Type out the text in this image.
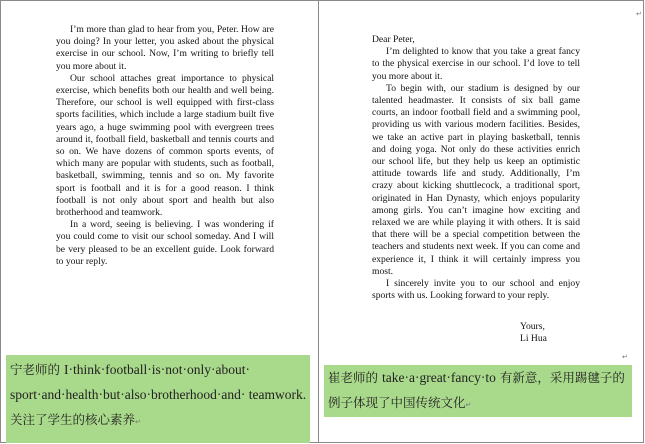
I’m more than glad to hear from you, Peter. How are you doing? In your letter, you asked about the physical exercise in our school. Now, I’m writing to briefly tell you more about it.

Our school attaches great importance to physical exercise, which benefits both our health and well being. Therefore, our school is well equipped with first-class sports facilities, which include a large stadium built five years ago, a huge swimming pool with evergreen trees around it, football field, basketball and tennis courts and so on. We have dozens of common sports events, of which many are popular with students, such as football, basketball, swimming, tennis and so on. My favorite sport is football and it is for a good reason. I think football is not only about sport and health but also brotherhood and teamwork.

In a word, seeing is believing. I was wondering if you could come to visit our school someday. And I will be very pleased to be an excellent guide. Look forward to your reply.

Dear Peter,

I’m delighted to know that you take a great fancy to the physical exercise in our school. I’d love to tell you more about it.

To begin with, our stadium is designed by our talented headmaster. It consists of six ball game courts, an indoor football field and a swimming pool, providing us with various modern facilities. Besides, we take an active part in playing basketball, tennis and doing yoga. Not only do these activities enrich our school life, but they help us keep an optimistic attitude towards life and study. Additionally, I’m crazy about kicking shuttlecock, a traditional sport, originated in Han Dynasty, which enjoys popularity among girls. You can’t imagine how exciting and relaxed we are while playing it with others. It is said that there will be a special competition between the teachers and students next week. If you can come and experience it, I think it will certainly impress you most.

I sincerely invite you to our school and enjoy sports with us. Looking forward to your reply.

Yours,
Li Hua
↵
↵
宁老师的 I·think·football·is·not·only·about· sport·and·health·but·also·brotherhood·and· teamwork.关注了学生的核心素养↵
崔老师的 take·a·great·fancy·to 有新意，采用踢毽子的例子体现了中国传统文化↵
